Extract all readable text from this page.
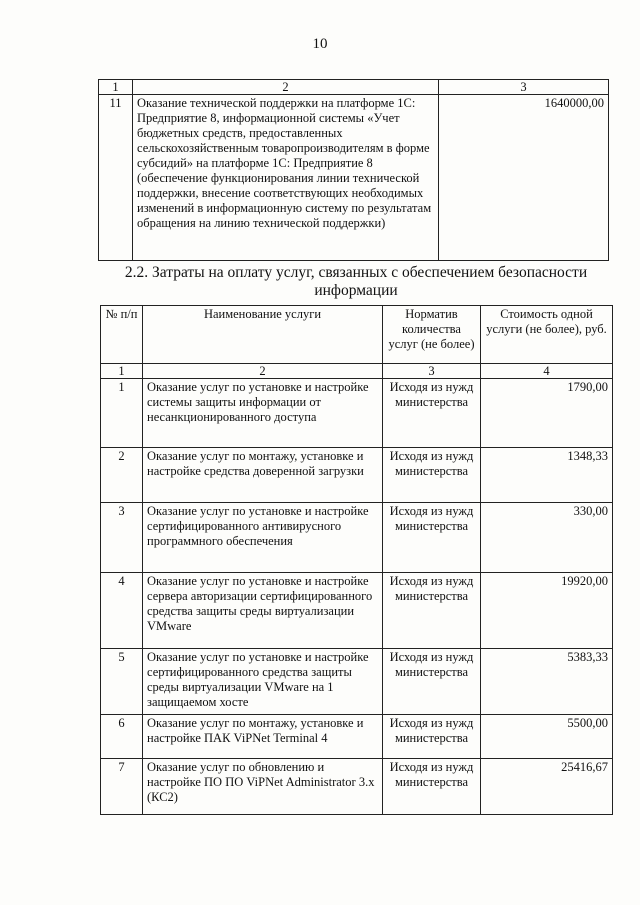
10
1	2	3
11	Оказание технической поддержки на платформе 1С: Предприятие 8, информационной системы «Учет бюджетных средств, предоставленных сельскохозяйственным товаропроизводителям в форме субсидий» на платформе 1С: Предприятие 8 (обеспечение функционирования линии технической поддержки, внесение соответствующих необходимых изменений в информационную систему по результатам обращения на линию технической поддержки)	1640000,00
2.2. Затраты на оплату услуг, связанных с обеспечением безопасности информации
№ п/п	Наименование услуги	Норматив количества услуг (не более)	Стоимость одной услуги (не более), руб.
1	2	3	4
1	Оказание услуг по установке и настройке системы защиты информации от несанкционированного доступа	Исходя из нужд министерства	1790,00
2	Оказание услуг по монтажу, установке и настройке средства доверенной загрузки	Исходя из нужд министерства	1348,33
3	Оказание услуг по установке и настройке сертифицированного антивирусного программного обеспечения	Исходя из нужд министерства	330,00
4	Оказание услуг по установке и настройке сервера авторизации сертифицированного средства защиты среды виртуализации VMware	Исходя из нужд министерства	19920,00
5	Оказание услуг по установке и настройке сертифицированного средства защиты среды виртуализации VMware на 1 защищаемом хосте	Исходя из нужд министерства	5383,33
6	Оказание услуг по монтажу, установке и настройке ПАК ViPNet Terminal 4	Исходя из нужд министерства	5500,00
7	Оказание услуг по обновлению и настройке ПО ПО ViPNet Administrator 3.x (КС2)	Исходя из нужд министерства	25416,67
